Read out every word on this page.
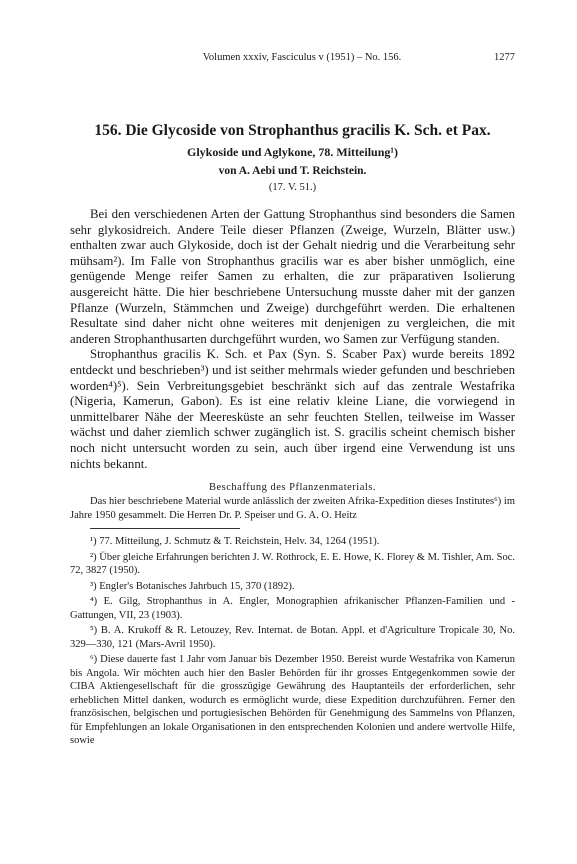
Volumen xxxiv, Fasciculus v (1951) – No. 156.	1277
156. Die Glycoside von Strophanthus gracilis K. Sch. et Pax.
Glykoside und Aglykone, 78. Mitteilung¹)
von A. Aebi und T. Reichstein.
(17. V. 51.)

Bei den verschiedenen Arten der Gattung Strophanthus sind besonders die Samen sehr glykosidreich. Andere Teile dieser Pflanzen (Zweige, Wurzeln, Blätter usw.) enthalten zwar auch Glykoside, doch ist der Gehalt niedrig und die Verarbeitung sehr mühsam²). Im Falle von Strophanthus gracilis war es aber bisher unmöglich, eine genügende Menge reifer Samen zu erhalten, die zur präparativen Isolierung ausgereicht hätte. Die hier beschriebene Untersuchung musste daher mit der ganzen Pflanze (Wurzeln, Stämmchen und Zweige) durchgeführt werden. Die erhaltenen Resultate sind daher nicht ohne weiteres mit denjenigen zu vergleichen, die mit anderen Strophanthusarten durchgeführt wurden, wo Samen zur Verfügung standen.

Strophanthus gracilis K. Sch. et Pax (Syn. S. Scaber Pax) wurde bereits 1892 entdeckt und beschrieben³) und ist seither mehrmals wieder gefunden und beschrieben worden⁴)⁵). Sein Verbreitungsgebiet beschränkt sich auf das zentrale Westafrika (Nigeria, Kamerun, Gabon). Es ist eine relativ kleine Liane, die vorwiegend in unmittelbarer Nähe der Meeresküste an sehr feuchten Stellen, teilweise im Wasser wächst und daher ziemlich schwer zugänglich ist. S. gracilis scheint chemisch bisher noch nicht untersucht worden zu sein, auch über irgend eine Verwendung ist uns nichts bekannt.

Beschaffung des Pflanzenmaterials.

Das hier beschriebene Material wurde anlässlich der zweiten Afrika-Expedition dieses Institutes⁶) im Jahre 1950 gesammelt. Die Herren Dr. P. Speiser und G. A. O. Heitz

¹) 77. Mitteilung, J. Schmutz & T. Reichstein, Helv. 34, 1264 (1951).

²) Über gleiche Erfahrungen berichten J. W. Rothrock, E. E. Howe, K. Florey & M. Tishler, Am. Soc. 72, 3827 (1950).

³) Engler's Botanisches Jahrbuch 15, 370 (1892).

⁴) E. Gilg, Strophanthus in A. Engler, Monographien afrikanischer Pflanzen-Familien und -Gattungen, VII, 23 (1903).

⁵) B. A. Krukoff & R. Letouzey, Rev. Internat. de Botan. Appl. et d'Agriculture Tropicale 30, No. 329—330, 121 (Mars-Avril 1950).

⁶) Diese dauerte fast 1 Jahr vom Januar bis Dezember 1950. Bereist wurde Westafrika von Kamerun bis Angola. Wir möchten auch hier den Basler Behörden für ihr grosses Entgegenkommen sowie der CIBA Aktiengesellschaft für die grosszügige Gewährung des Hauptanteils der erforderlichen, sehr erheblichen Mittel danken, wodurch es ermöglicht wurde, diese Expedition durchzuführen. Ferner den französischen, belgischen und portugiesischen Behörden für Genehmigung des Sammelns von Pflanzen, für Empfehlungen an lokale Organisationen in den entsprechenden Kolonien und andere wertvolle Hilfe, sowie
